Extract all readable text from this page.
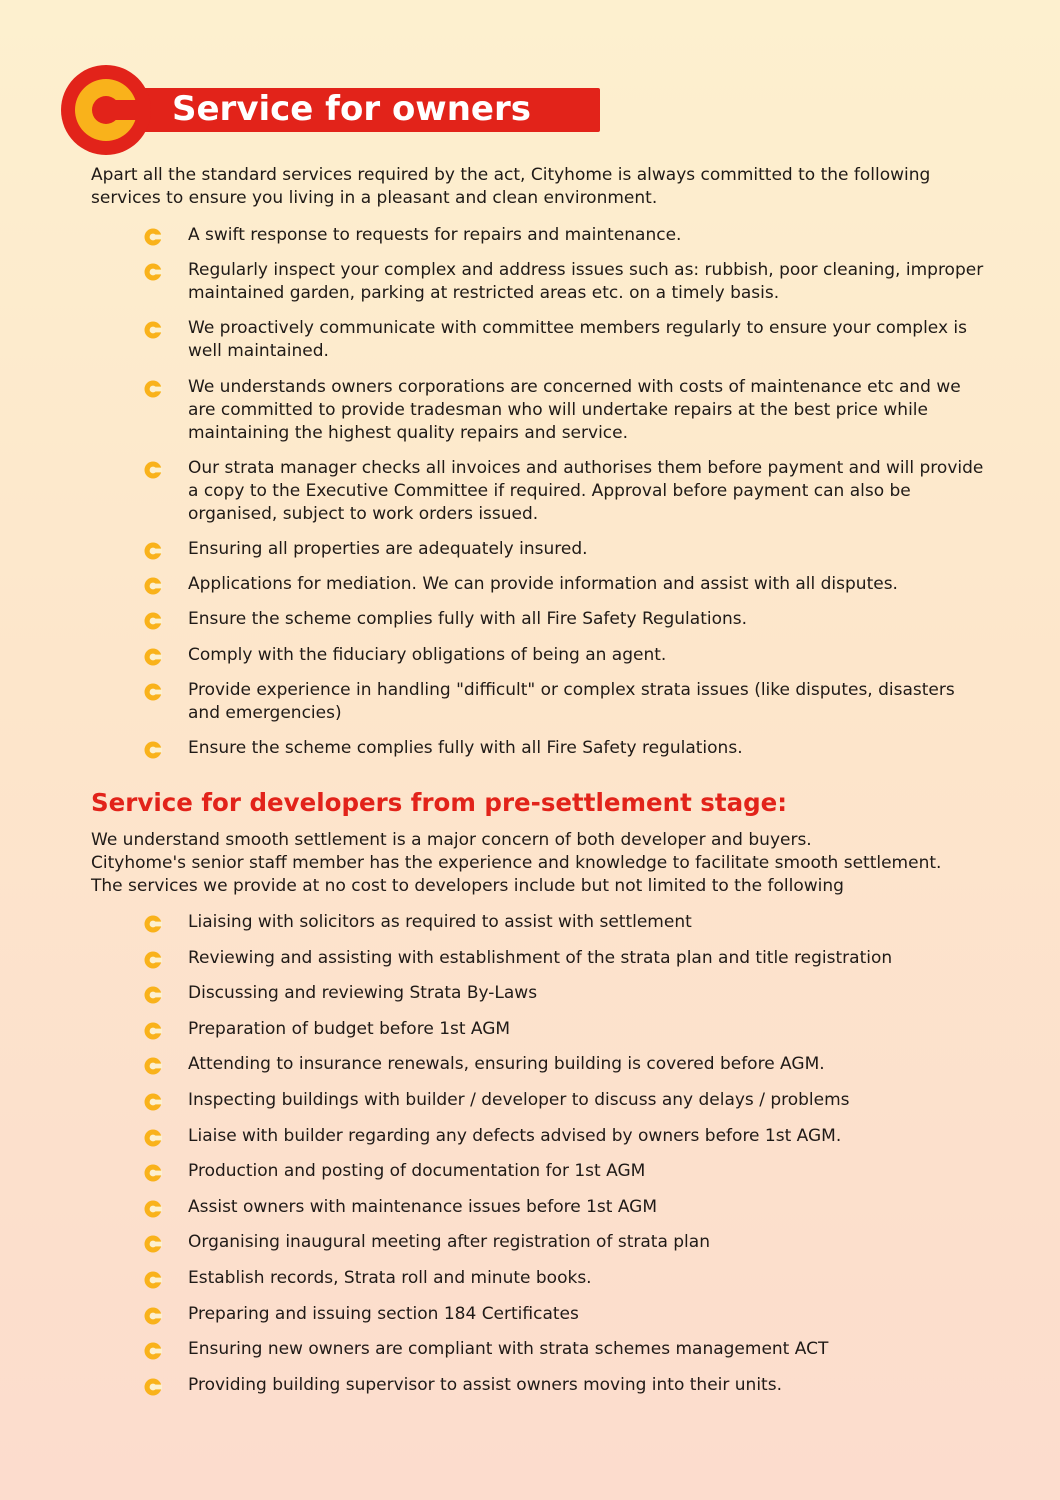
Service for owners
Apart all the standard services required by the act, Cityhome is always committed to the following services to ensure you living in a pleasant and clean environment.
A swift response to requests for repairs and maintenance.
Regularly inspect your complex and address issues such as: rubbish, poor cleaning, improper maintained garden, parking at restricted areas etc. on a timely basis.
We proactively communicate with committee members regularly to ensure your complex is well maintained.
We understands owners corporations are concerned with costs of maintenance etc and we are committed to provide tradesman who will undertake repairs at the best price while maintaining the highest quality repairs and service.
Our strata manager checks all invoices and authorises them before payment and will provide a copy to the Executive Committee if required. Approval before payment can also be organised, subject to work orders issued.
Ensuring all properties are adequately insured.
Applications for mediation. We can provide information and assist with all disputes.
Ensure the scheme complies fully with all Fire Safety Regulations.
Comply with the fiduciary obligations of being an agent.
Provide experience in handling "difficult" or complex strata issues (like disputes, disasters and emergencies)
Ensure the scheme complies fully with all Fire Safety regulations.
Service for developers from pre-settlement stage:
We understand smooth settlement is a major concern of both developer and buyers.
Cityhome's senior staff member has the experience and knowledge to facilitate smooth settlement.
The services we provide at no cost to developers include but not limited to the following
Liaising with solicitors as required to assist with settlement
Reviewing and assisting with establishment of the strata plan and title registration
Discussing and reviewing Strata By-Laws
Preparation of budget before 1st AGM
Attending to insurance renewals, ensuring building is covered before AGM.
Inspecting buildings with builder / developer to discuss any delays / problems
Liaise with builder regarding any defects advised by owners before 1st AGM.
Production and posting of documentation for 1st AGM
Assist owners with maintenance issues before 1st AGM
Organising inaugural meeting after registration of strata plan
Establish records, Strata roll and minute books.
Preparing and issuing section 184 Certificates
Ensuring new owners are compliant with strata schemes management ACT
Providing building supervisor to assist owners moving into their units.
